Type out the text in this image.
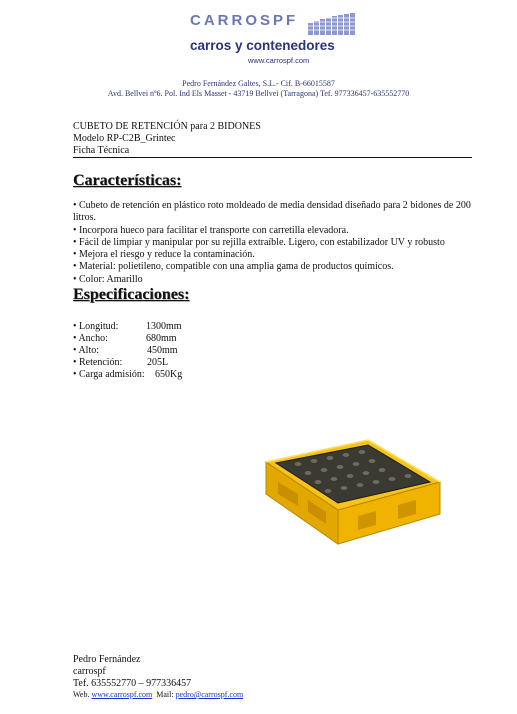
CARROSPF
carros y contenedores
www.carrospf.com
Pedro Fernández Galtes, S.L.- Cif. B-66015587
Avd. Bellvei nº6. Pol. Ind Els Masset - 43719 Bellvei (Tarragona) Tef. 977336457-635552770
CUBETO DE RETENCIÓN para 2 BIDONES
Modelo RP-C2B_Grintec
Ficha Técnica
Características:
• Cubeto de retención en plástico roto moldeado de media densidad diseñado para 2 bidones de 200 litros.
• Incorpora hueco para facilitar el transporte con carretilla elevadora.
• Fácil de limpiar y manipular por su rejilla extraíble. Ligero, con estabilizador UV y robusto
• Mejora el riesgo y reduce la contaminación.
• Material: polietileno, compatible con una amplia gama de productos químicos.
• Color: Amarillo
Especificaciones:
• Longitud:	1300mm
• Ancho:	680mm
• Alto:	450mm
• Retención: 205L
• Carga admisión: 650Kg
Pedro Fernández
carrospf
Tef. 635552770 – 977336457
Web. www.carrospf.com Mail: pedro@carrospf.com
